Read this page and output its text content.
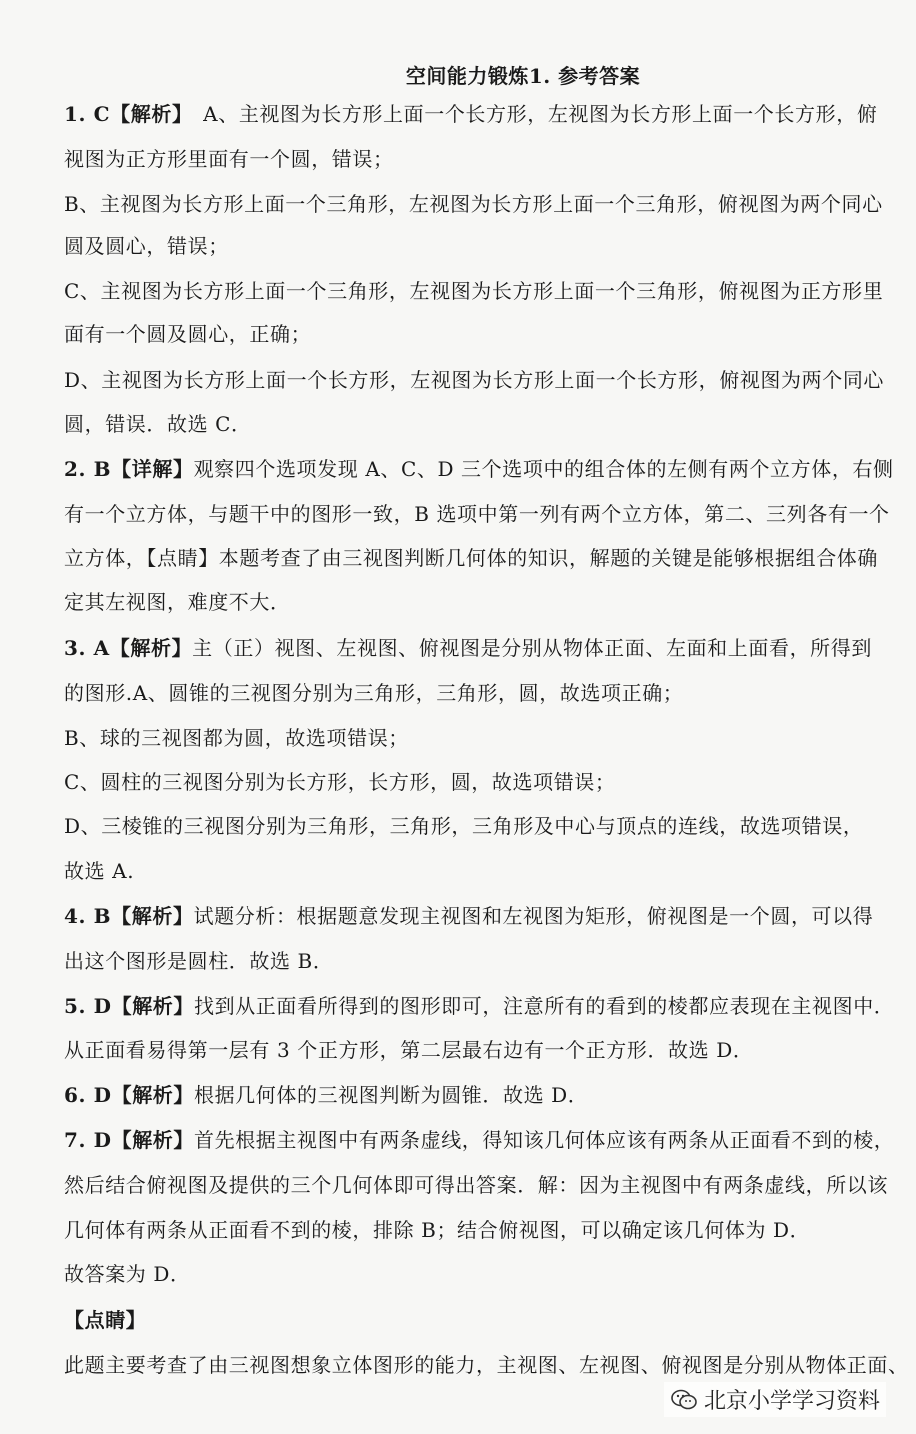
空间能力锻炼1. 参考答案
1. C【解析】　A、主视图为长方形上面一个长方形，左视图为长方形上面一个长方形，俯
视图为正方形里面有一个圆，错误；
B、主视图为长方形上面一个三角形，左视图为长方形上面一个三角形，俯视图为两个同心
圆及圆心，错误；
C、主视图为长方形上面一个三角形，左视图为长方形上面一个三角形，俯视图为正方形里
面有一个圆及圆心，正确；
D、主视图为长方形上面一个长方形，左视图为长方形上面一个长方形，俯视图为两个同心
圆，错误．故选 C．
2. B【详解】观察四个选项发现 A、C、D 三个选项中的组合体的左侧有两个立方体，右侧
有一个立方体，与题干中的图形一致，B 选项中第一列有两个立方体，第二、三列各有一个
立方体，【点睛】本题考查了由三视图判断几何体的知识，解题的关键是能够根据组合体确
定其左视图，难度不大．
3. A【解析】主（正）视图、左视图、俯视图是分别从物体正面、左面和上面看，所得到
的图形.A、圆锥的三视图分别为三角形，三角形，圆，故选项正确；
B、球的三视图都为圆，故选项错误；
C、圆柱的三视图分别为长方形，长方形，圆，故选项错误；
D、三棱锥的三视图分别为三角形，三角形，三角形及中心与顶点的连线，故选项错误，
故选 A.
4. B【解析】试题分析：根据题意发现主视图和左视图为矩形，俯视图是一个圆，可以得
出这个图形是圆柱．故选 B．
5. D【解析】找到从正面看所得到的图形即可，注意所有的看到的棱都应表现在主视图中．
从正面看易得第一层有 3 个正方形，第二层最右边有一个正方形．故选 D．
6. D【解析】根据几何体的三视图判断为圆锥．故选 D．
7. D【解析】首先根据主视图中有两条虚线，得知该几何体应该有两条从正面看不到的棱，
然后结合俯视图及提供的三个几何体即可得出答案．解：因为主视图中有两条虚线，所以该
几何体有两条从正面看不到的棱，排除 B；结合俯视图，可以确定该几何体为 D．
故答案为 D．
【点睛】
此题主要考查了由三视图想象立体图形的能力，主视图、左视图、俯视图是分别从物体正面、
北京小学学习资料
